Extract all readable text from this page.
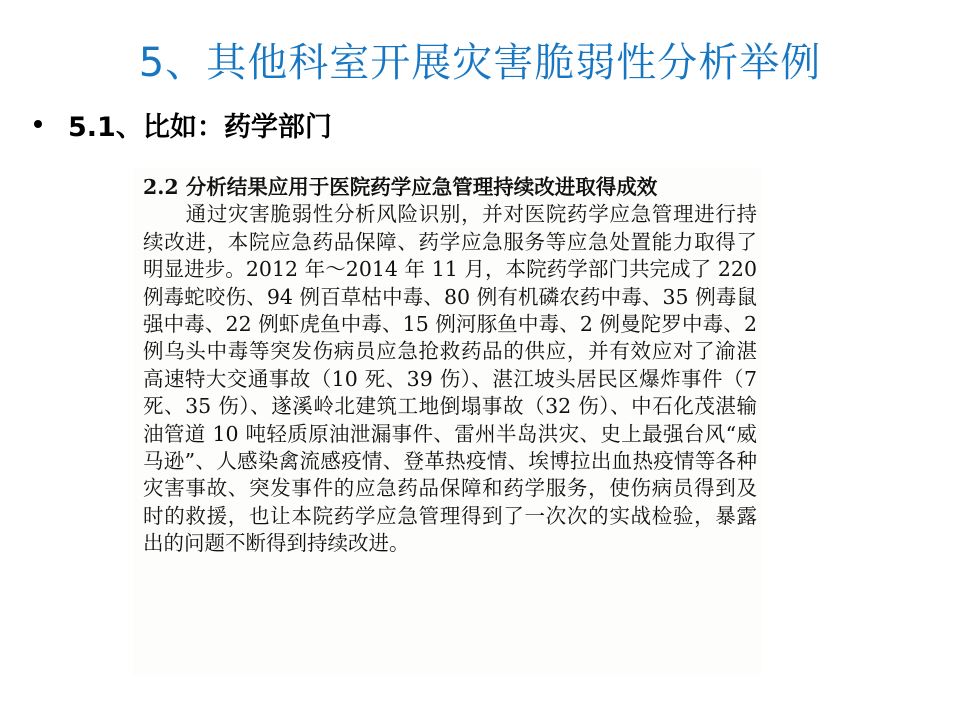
5、其他科室开展灾害脆弱性分析举例
5.1、比如：药学部门

2.2 分析结果应用于医院药学应急管理持续改进取得成效
通过灾害脆弱性分析风险识别，并对医院药学应急管理进行持续改进，本院应急药品保障、药学应急服务等应急处置能力取得了明显进步。2012 年～2014 年 11 月，本院药学部门共完成了 220 例毒蛇咬伤、94 例百草枯中毒、80 例有机磷农药中毒、35 例毒鼠强中毒、22 例虾虎鱼中毒、15 例河豚鱼中毒、2 例曼陀罗中毒、2 例乌头中毒等突发伤病员应急抢救药品的供应，并有效应对了渝湛高速特大交通事故（10 死、39 伤）、湛江坡头居民区爆炸事件（7 死、35 伤）、遂溪岭北建筑工地倒塌事故（32 伤）、中石化茂湛输油管道 10 吨轻质原油泄漏事件、雷州半岛洪灾、史上最强台风“威马逊”、人感染禽流感疫情、登革热疫情、埃博拉出血热疫情等各种灾害事故、突发事件的应急药品保障和药学服务，使伤病员得到及时的救援，也让本院药学应急管理得到了一次次的实战检验，暴露出的问题不断得到持续改进。
